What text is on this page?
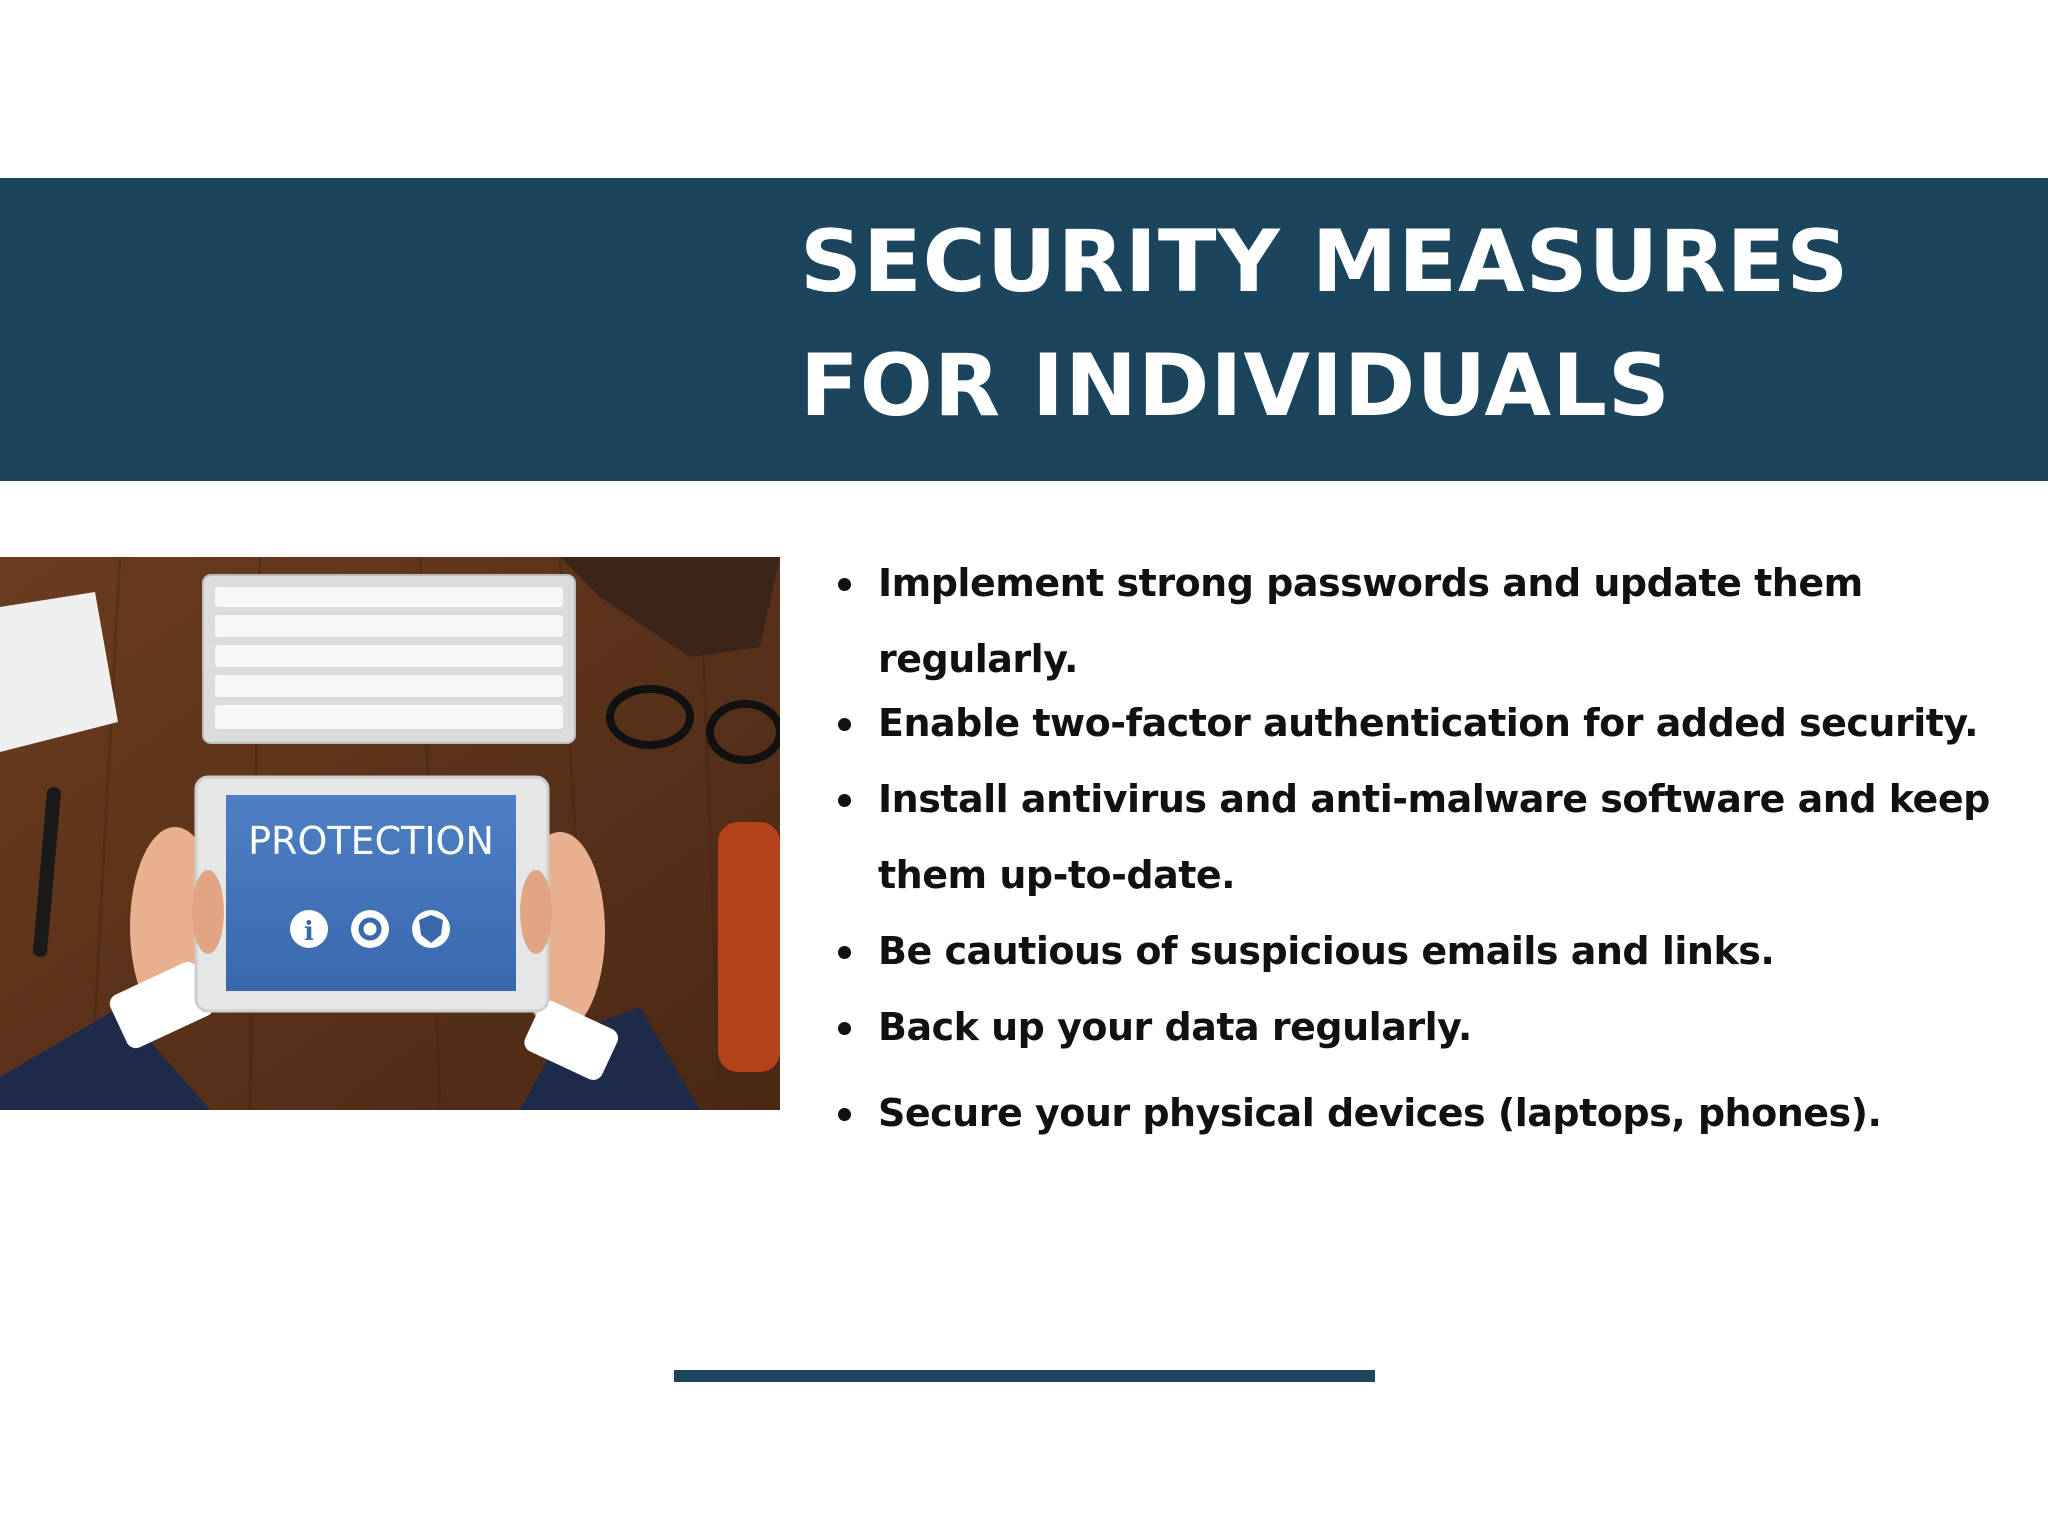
SECURITY MEASURES
FOR INDIVIDUALS
PROTECTION
i
Implement strong passwords and update them regularly.
Enable two-factor authentication for added security.
Install antivirus and anti-malware software and keep them up-to-date.
Be cautious of suspicious emails and links.
Back up your data regularly.
Secure your physical devices (laptops, phones).
